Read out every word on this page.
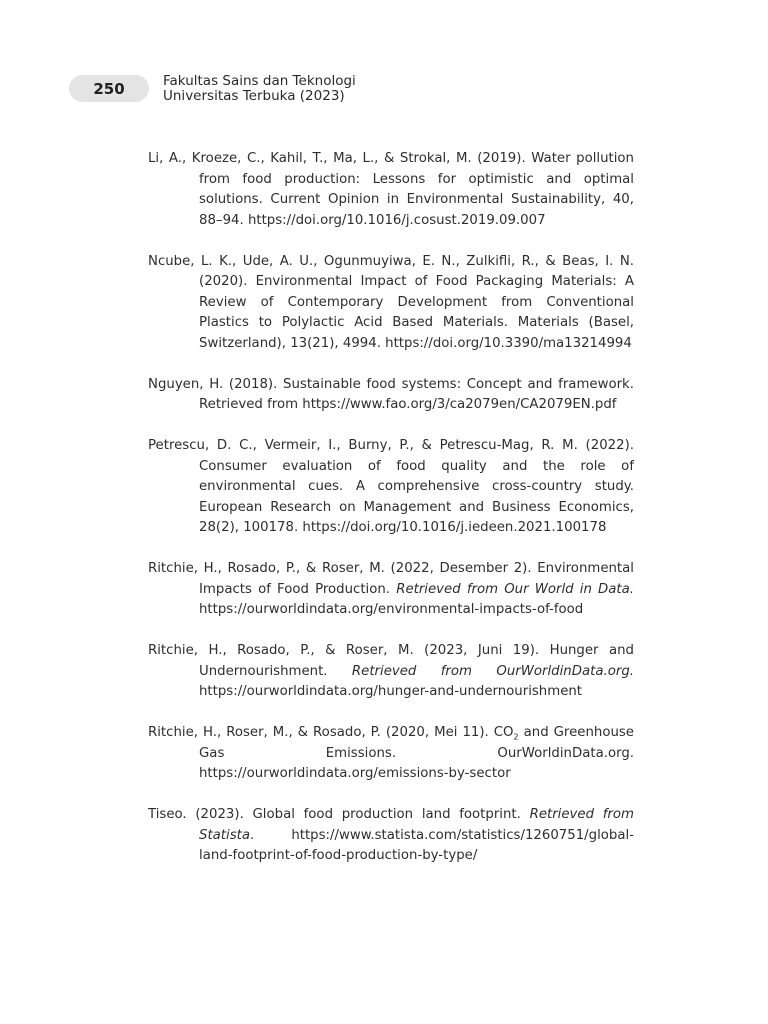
250	Fakultas Sains dan Teknologi
Universitas Terbuka (2023)

Li, A., Kroeze, C., Kahil, T., Ma, L., & Strokal, M. (2019). Water pollution from food production: Lessons for optimistic and optimal solutions. Current Opinion in Environmental Sustainability, 40, 88–94. https://doi.org/10.1016/j.cosust.2019.09.007

Ncube, L. K., Ude, A. U., Ogunmuyiwa, E. N., Zulkifli, R., & Beas, I. N. (2020). Environmental Impact of Food Packaging Materials: A Review of Contemporary Development from Conventional Plastics to Polylactic Acid Based Materials. Materials (Basel, Switzerland), 13(21), 4994. https://doi.org/10.3390/ma13214994

Nguyen, H. (2018). Sustainable food systems: Concept and framework. Retrieved from https://www.fao.org/3/ca2079en/CA2079EN.pdf

Petrescu, D. C., Vermeir, I., Burny, P., & Petrescu-Mag, R. M. (2022). Consumer evaluation of food quality and the role of environmental cues. A comprehensive cross-country study. European Research on Management and Business Economics, 28(2), 100178. https://doi.org/10.1016/j.iedeen.2021.100178

Ritchie, H., Rosado, P., & Roser, M. (2022, Desember 2). Environmental Impacts of Food Production. Retrieved from Our World in Data. https://ourworldindata.org/environmental-impacts-of-food

Ritchie, H., Rosado, P., & Roser, M. (2023, Juni 19). Hunger and Undernourishment. Retrieved from OurWorldinData.org. https://ourworldindata.org/hunger-and-undernourishment

Ritchie, H., Roser, M., & Rosado, P. (2020, Mei 11). $CO_2$ and Greenhouse Gas Emissions. OurWorldinData.org. https://ourworldindata.org/emissions-by-sector

Tiseo. (2023). Global food production land footprint. Retrieved from Statista. https://www.statista.com/statistics/1260751/global-land-footprint-of-food-production-by-type/
